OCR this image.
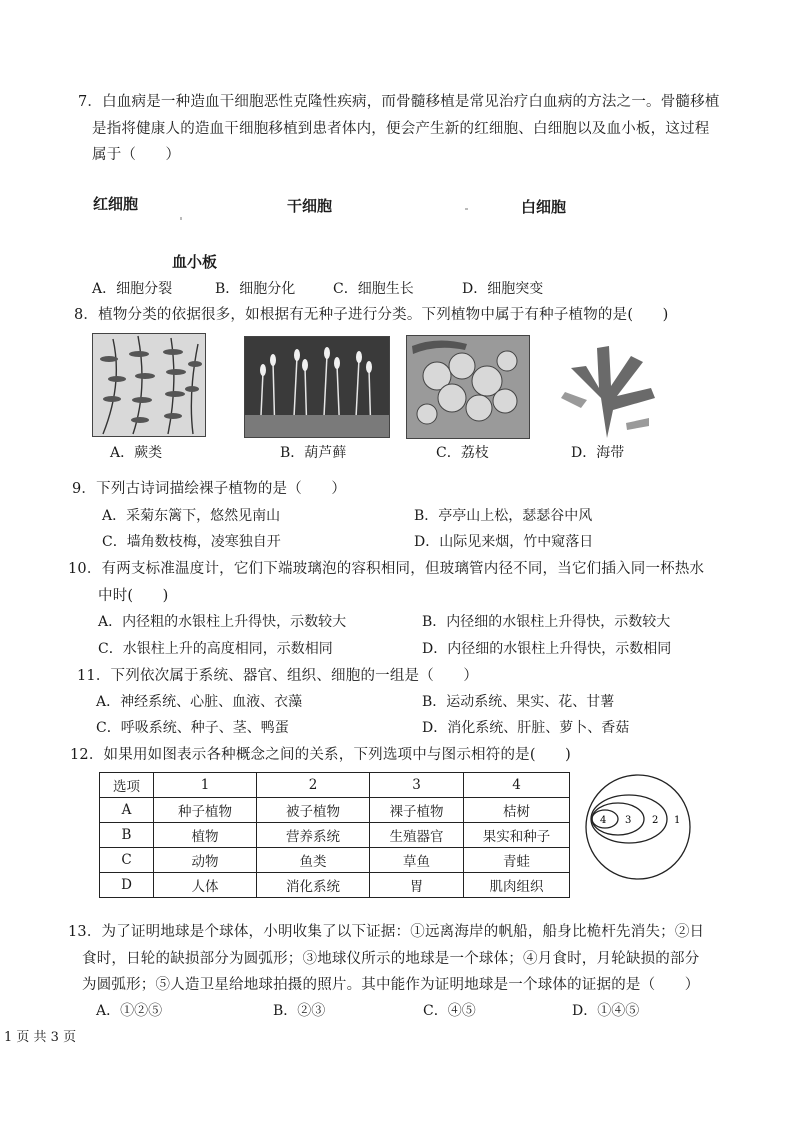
7．白血病是一种造血干细胞恶性克隆性疾病，而骨髓移植是常见治疗白血病的方法之一。骨髓移植
是指将健康人的造血干细胞移植到患者体内，便会产生新的红细胞、白细胞以及血小板，这过程
属于（　　）
红细胞	干细胞	白细胞
血小板
A．细胞分裂	B．细胞分化	C．细胞生长	D．细胞突变
8．植物分类的依据很多，如根据有无种子进行分类。下列植物中属于有种子植物的是(　　)
A．蕨类	B．葫芦藓	C．荔枝	D．海带
9．下列古诗词描绘裸子植物的是（　　）
A．采菊东篱下，悠然见南山	B．亭亭山上松，瑟瑟谷中风
C．墙角数枝梅，凌寒独自开	D．山际见来烟，竹中窥落日
10．有两支标准温度计，它们下端玻璃泡的容积相同，但玻璃管内径不同，当它们插入同一杯热水
中时(　　)
A．内径粗的水银柱上升得快，示数较大	B．内径细的水银柱上升得快，示数较大
C．水银柱上升的高度相同，示数相同	D．内径细的水银柱上升得快，示数相同
11．下列依次属于系统、器官、组织、细胞的一组是（　　）
A．神经系统、心脏、血液、衣藻	B．运动系统、果实、花、甘薯
C．呼吸系统、种子、茎、鸭蛋	D．消化系统、肝脏、萝卜、香菇
12．如果用如图表示各种概念之间的关系，下列选项中与图示相符的是(　　)
选项	1	2	3	4
A	种子植物	被子植物	裸子植物	桔树
B	植物	营养系统	生殖器官	果实和种子
C	动物	鱼类	草鱼	青蛙
D	人体	消化系统	胃	肌肉组织
4 3 2 1
13．为了证明地球是个球体，小明收集了以下证据：①远离海岸的帆船，船身比桅杆先消失；②日
食时，日轮的缺损部分为圆弧形；③地球仪所示的地球是一个球体；④月食时，月轮缺损的部分
为圆弧形；⑤人造卫星给地球拍摄的照片。其中能作为证明地球是一个球体的证据的是（　　）
A．①②⑤	B．②③	C．④⑤	D．①④⑤
1 页 共 3 页
